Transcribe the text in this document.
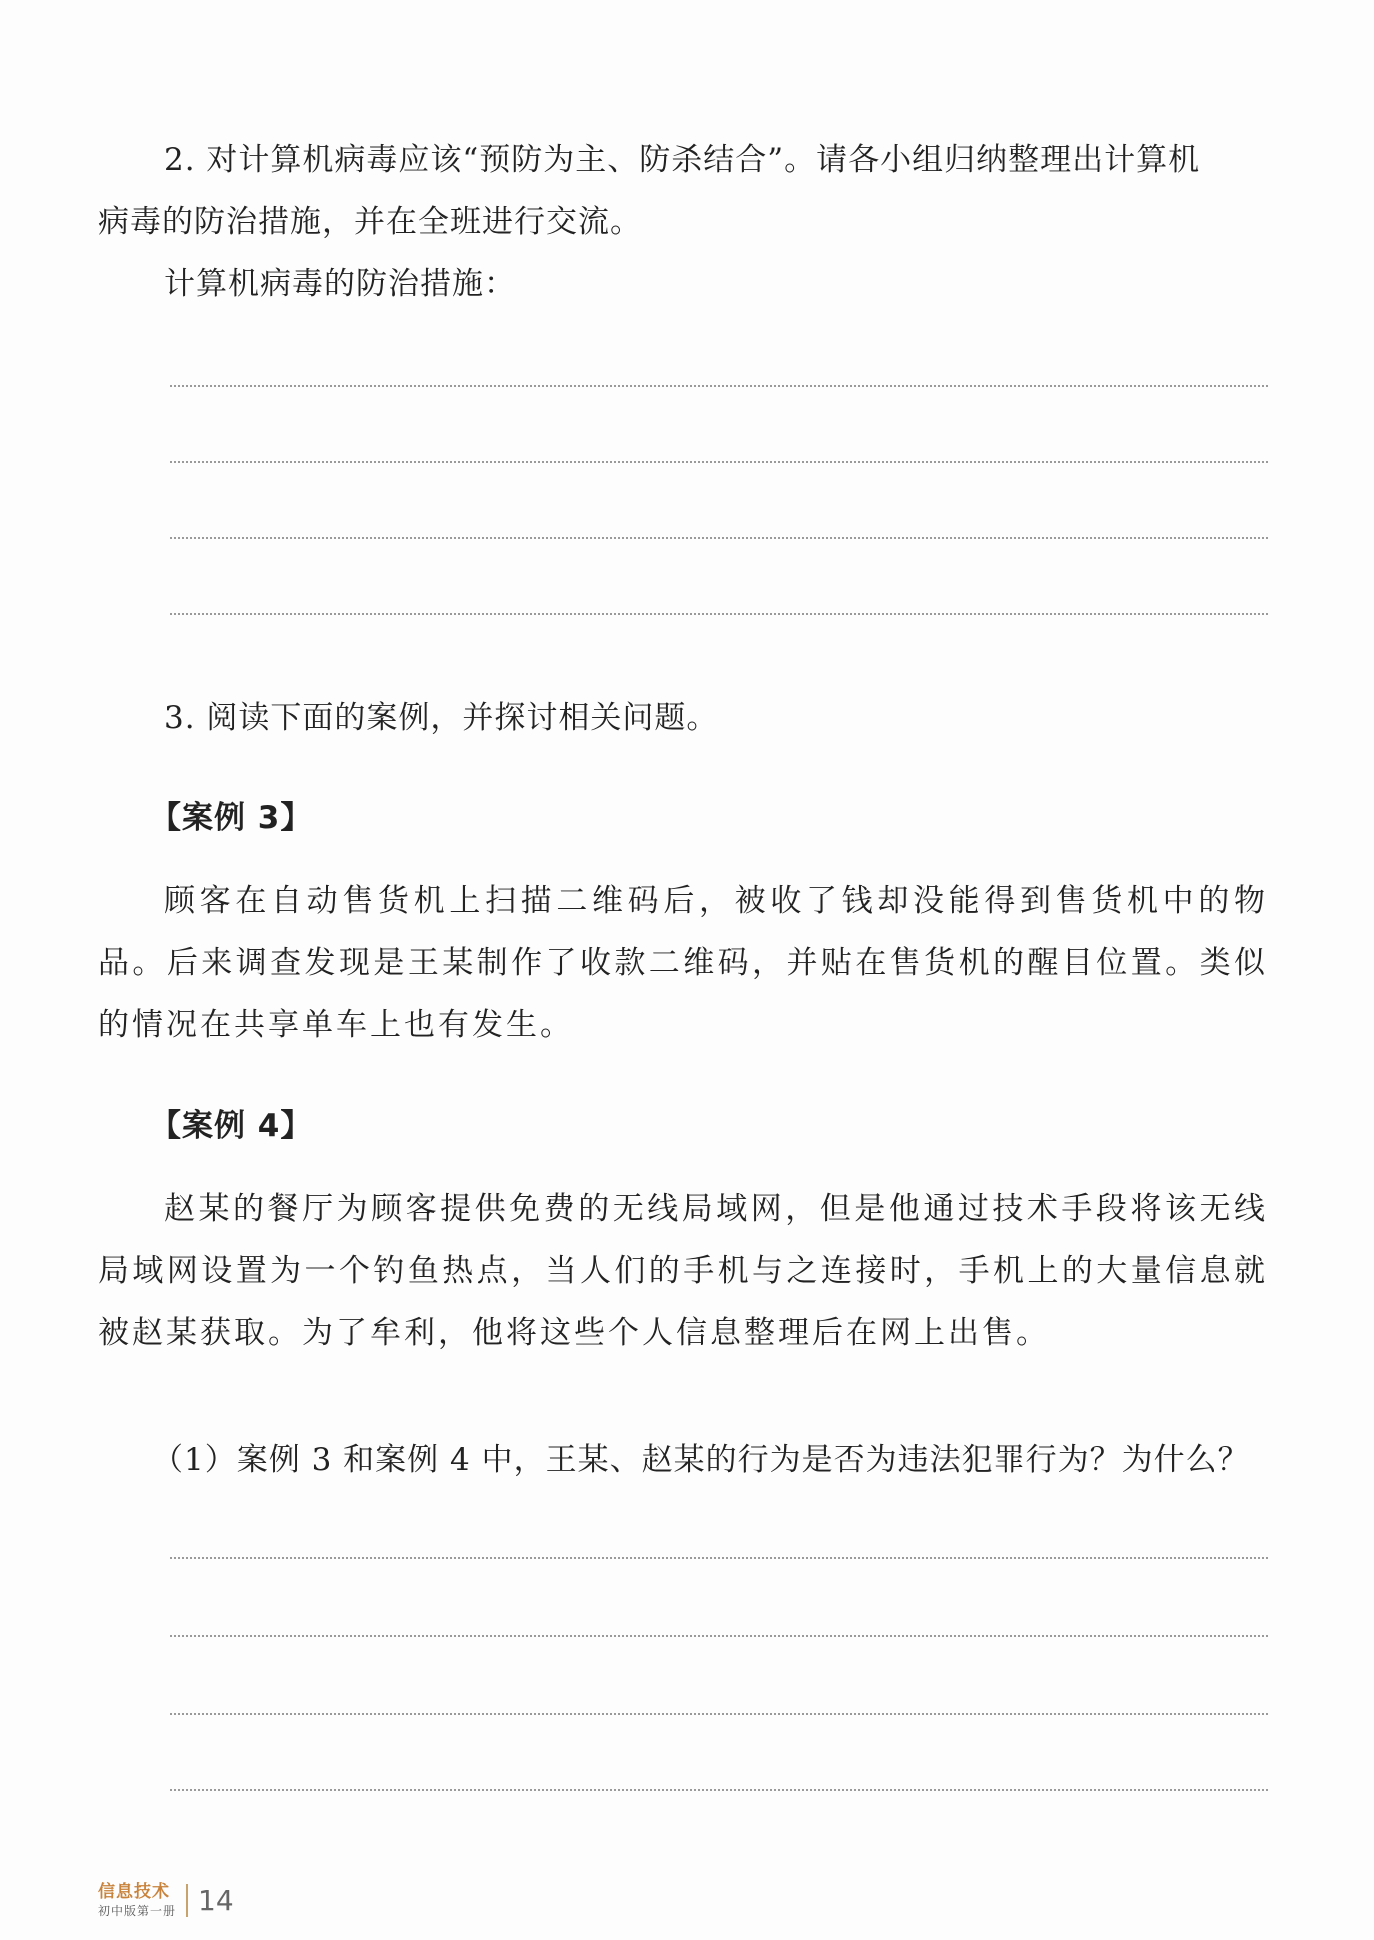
2. 对计算机病毒应该“预防为主、防杀结合”。请各小组归纳整理出计算机
病毒的防治措施，并在全班进行交流。
计算机病毒的防治措施：
3. 阅读下面的案例，并探讨相关问题。
【案例 3】
顾客在自动售货机上扫描二维码后，被收了钱却没能得到售货机中的物品。后来调查发现是王某制作了收款二维码，并贴在售货机的醒目位置。类似的情况在共享单车上也有发生。
【案例 4】
赵某的餐厅为顾客提供免费的无线局域网，但是他通过技术手段将该无线局域网设置为一个钓鱼热点，当人们的手机与之连接时，手机上的大量信息就被赵某获取。为了牟利，他将这些个人信息整理后在网上出售。
（1）案例 3 和案例 4 中，王某、赵某的行为是否为违法犯罪行为？为什么？
信息技术
初中版第一册 14
